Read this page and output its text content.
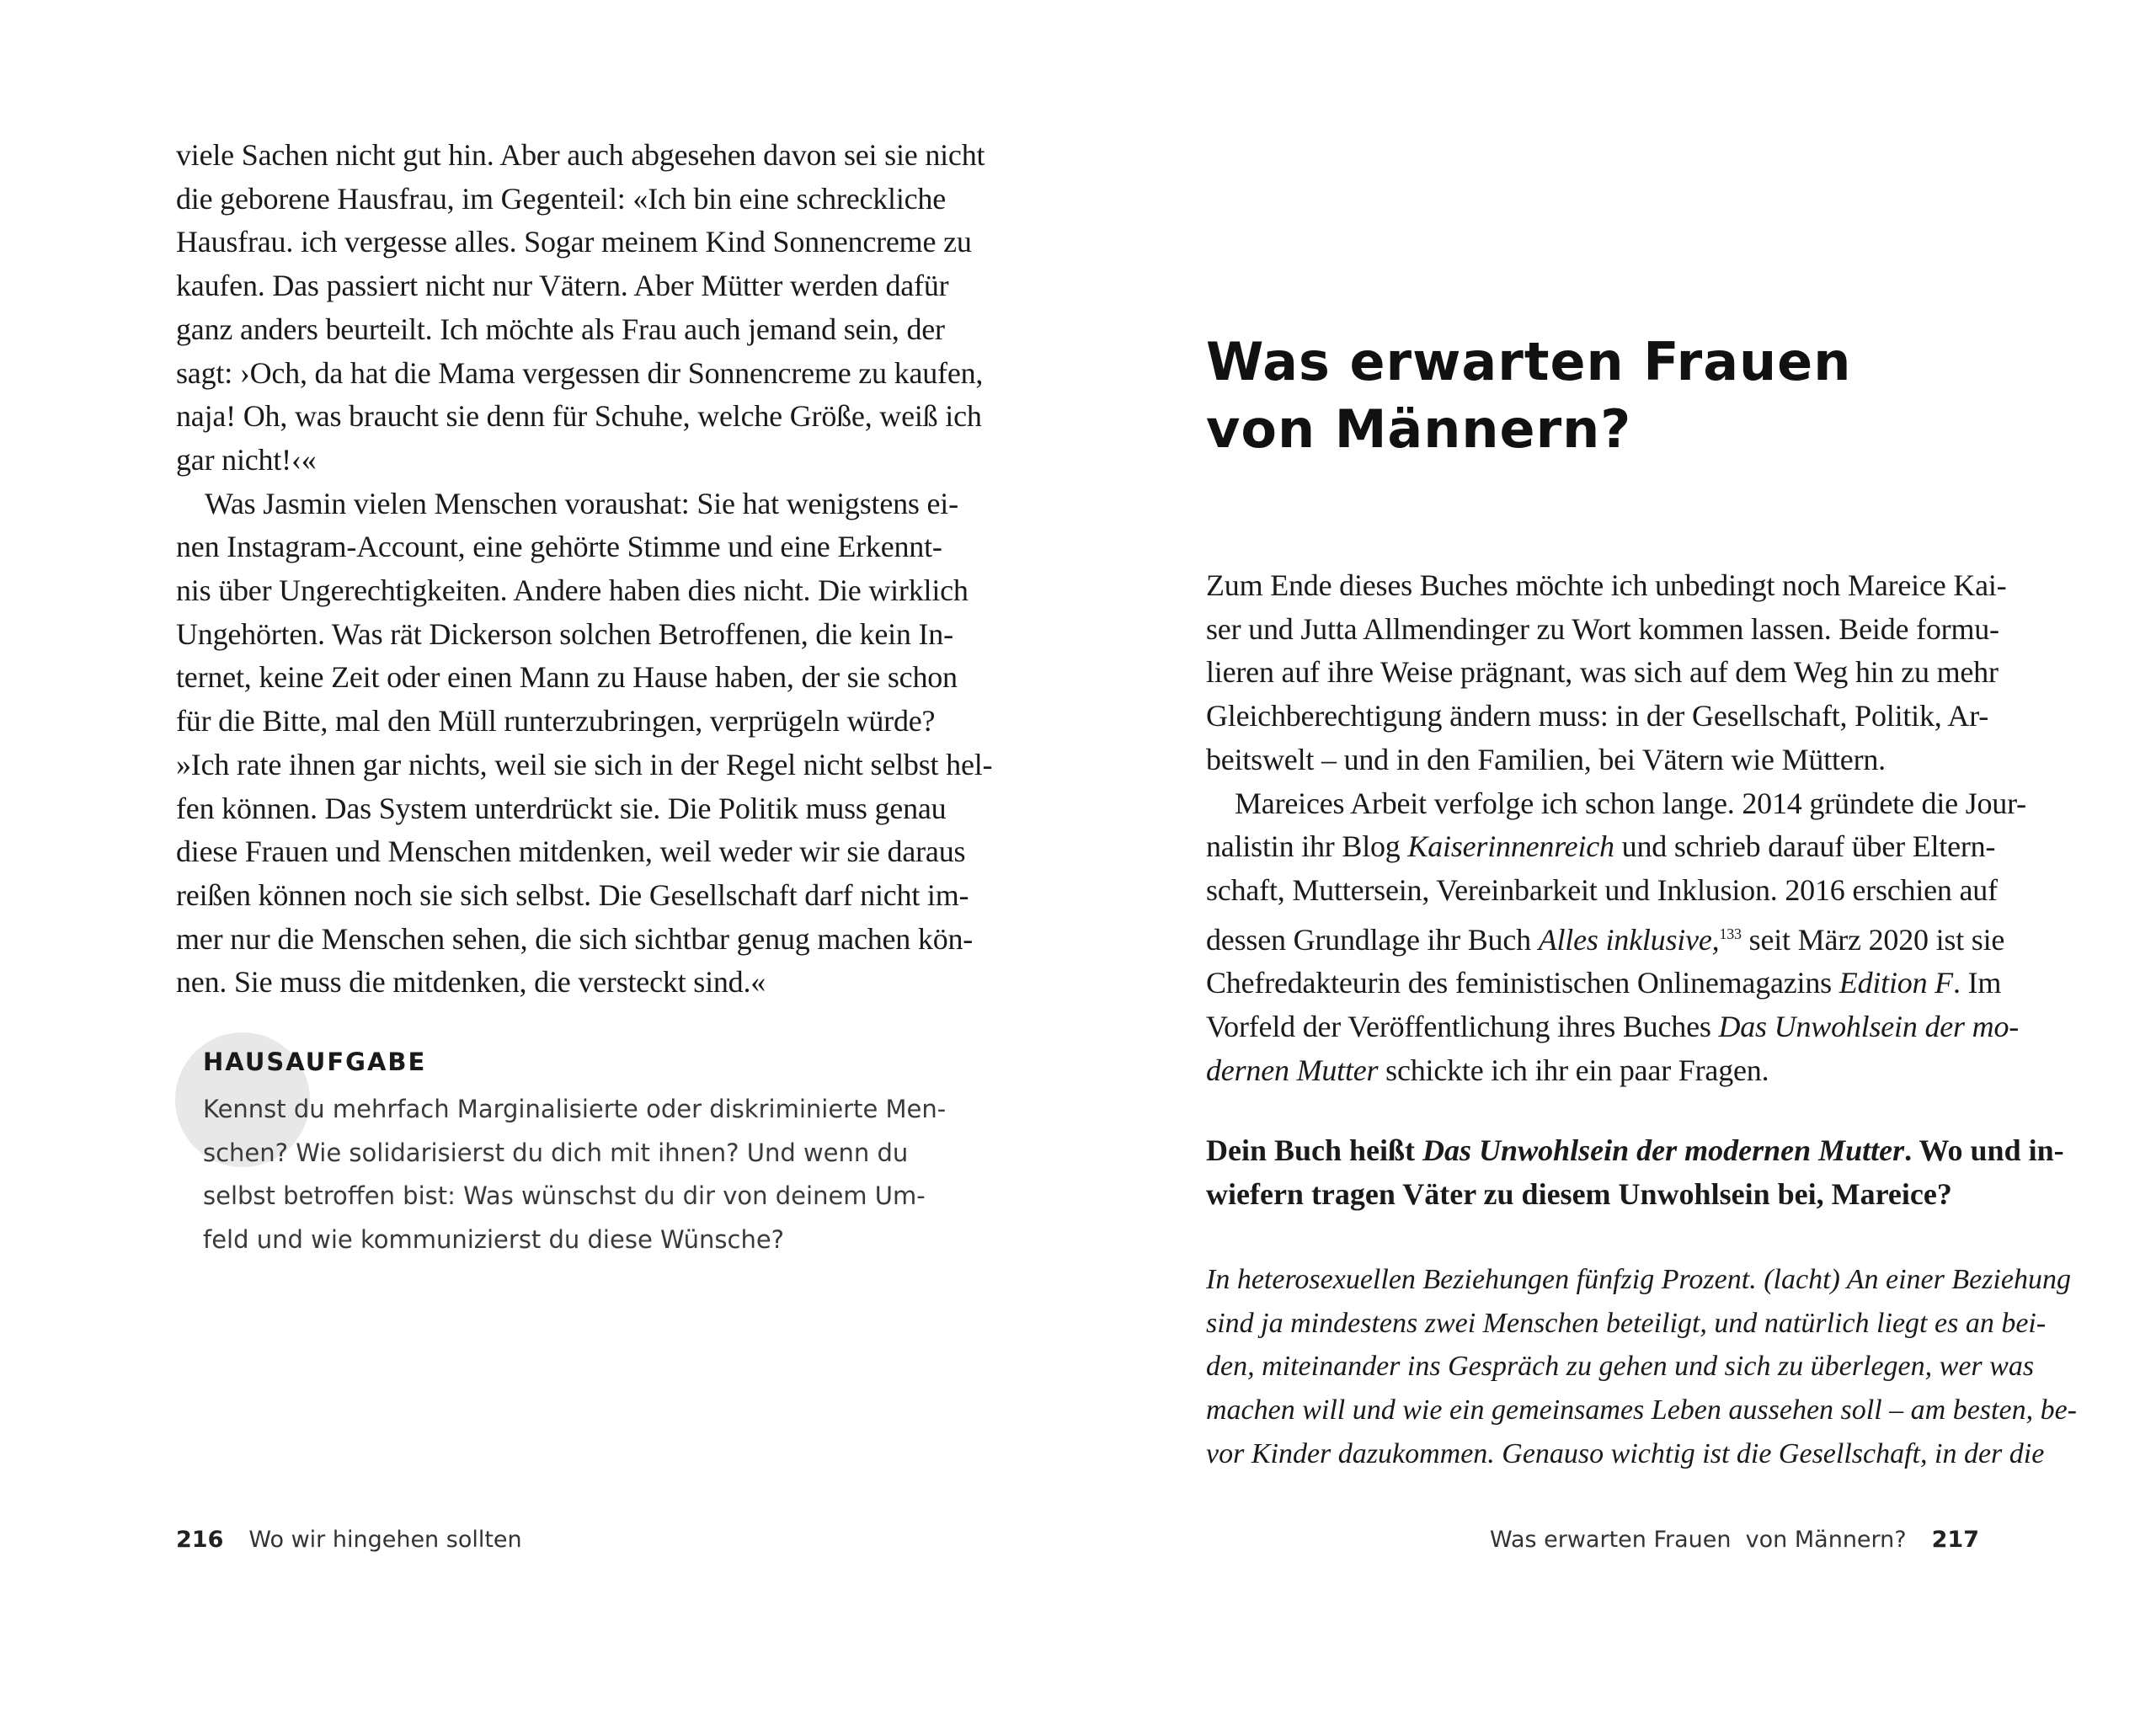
viele Sachen nicht gut hin. Aber auch abgesehen davon sei sie nicht
die geborene Hausfrau, im Gegenteil: «Ich bin eine schreckliche
Hausfrau. ich vergesse alles. Sogar meinem Kind Sonnencreme zu
kaufen. Das passiert nicht nur Vätern. Aber Mütter werden dafür
ganz anders beurteilt. Ich möchte als Frau auch jemand sein, der
sagt: ›Och, da hat die Mama vergessen dir Sonnencreme zu kaufen,
naja! Oh, was braucht sie denn für Schuhe, welche Größe, weiß ich
gar nicht!‹«
Was Jasmin vielen Menschen voraushat: Sie hat wenigstens ei-
nen Instagram-Account, eine gehörte Stimme und eine Erkennt-
nis über Ungerechtigkeiten. Andere haben dies nicht. Die wirklich
Ungehörten. Was rät Dickerson solchen Betroffenen, die kein In-
ternet, keine Zeit oder einen Mann zu Hause haben, der sie schon
für die Bitte, mal den Müll runterzubringen, verprügeln würde?
»Ich rate ihnen gar nichts, weil sie sich in der Regel nicht selbst hel-
fen können. Das System unterdrückt sie. Die Politik muss genau
diese Frauen und Menschen mitdenken, weil weder wir sie daraus
reißen können noch sie sich selbst. Die Gesellschaft darf nicht im-
mer nur die Menschen sehen, die sich sichtbar genug machen kön-
nen. Sie muss die mitdenken, die versteckt sind.«
HAUSAUFGABE
Kennst du mehrfach Marginalisierte oder diskriminierte Men-
schen? Wie solidarisierst du dich mit ihnen? Und wenn du
selbst betroffen bist: Was wünschst du dir von deinem Um-
feld und wie kommunizierst du diese Wünsche?
216 Wo wir hingehen sollten
Was erwarten Frauen
von Männern?
Zum Ende dieses Buches möchte ich unbedingt noch Mareice Kai-
ser und Jutta Allmendinger zu Wort kommen lassen. Beide formu-
lieren auf ihre Weise prägnant, was sich auf dem Weg hin zu mehr
Gleichberechtigung ändern muss: in der Gesellschaft, Politik, Ar-
beitswelt – und in den Familien, bei Vätern wie Müttern.
Mareices Arbeit verfolge ich schon lange. 2014 gründete die Jour-
nalistin ihr Blog Kaiserinnenreich und schrieb darauf über Eltern-
schaft, Muttersein, Vereinbarkeit und Inklusion. 2016 erschien auf
dessen Grundlage ihr Buch Alles inklusive,$^{133}$ seit März 2020 ist sie
Chefredakteurin des feministischen Onlinemagazins Edition F. Im
Vorfeld der Veröffentlichung ihres Buches Das Unwohlsein der mo-
dernen Mutter schickte ich ihr ein paar Fragen.
Dein Buch heißt Das Unwohlsein der modernen Mutter. Wo und in-
wiefern tragen Väter zu diesem Unwohlsein bei, Mareice?
In heterosexuellen Beziehungen fünfzig Prozent. (lacht) An einer Beziehung
sind ja mindestens zwei Menschen beteiligt, und natürlich liegt es an bei-
den, miteinander ins Gespräch zu gehen und sich zu überlegen, wer was
machen will und wie ein gemeinsames Leben aussehen soll – am besten, be-
vor Kinder dazukommen. Genauso wichtig ist die Gesellschaft, in der die
Was erwarten Frauen  von Männern? 217
